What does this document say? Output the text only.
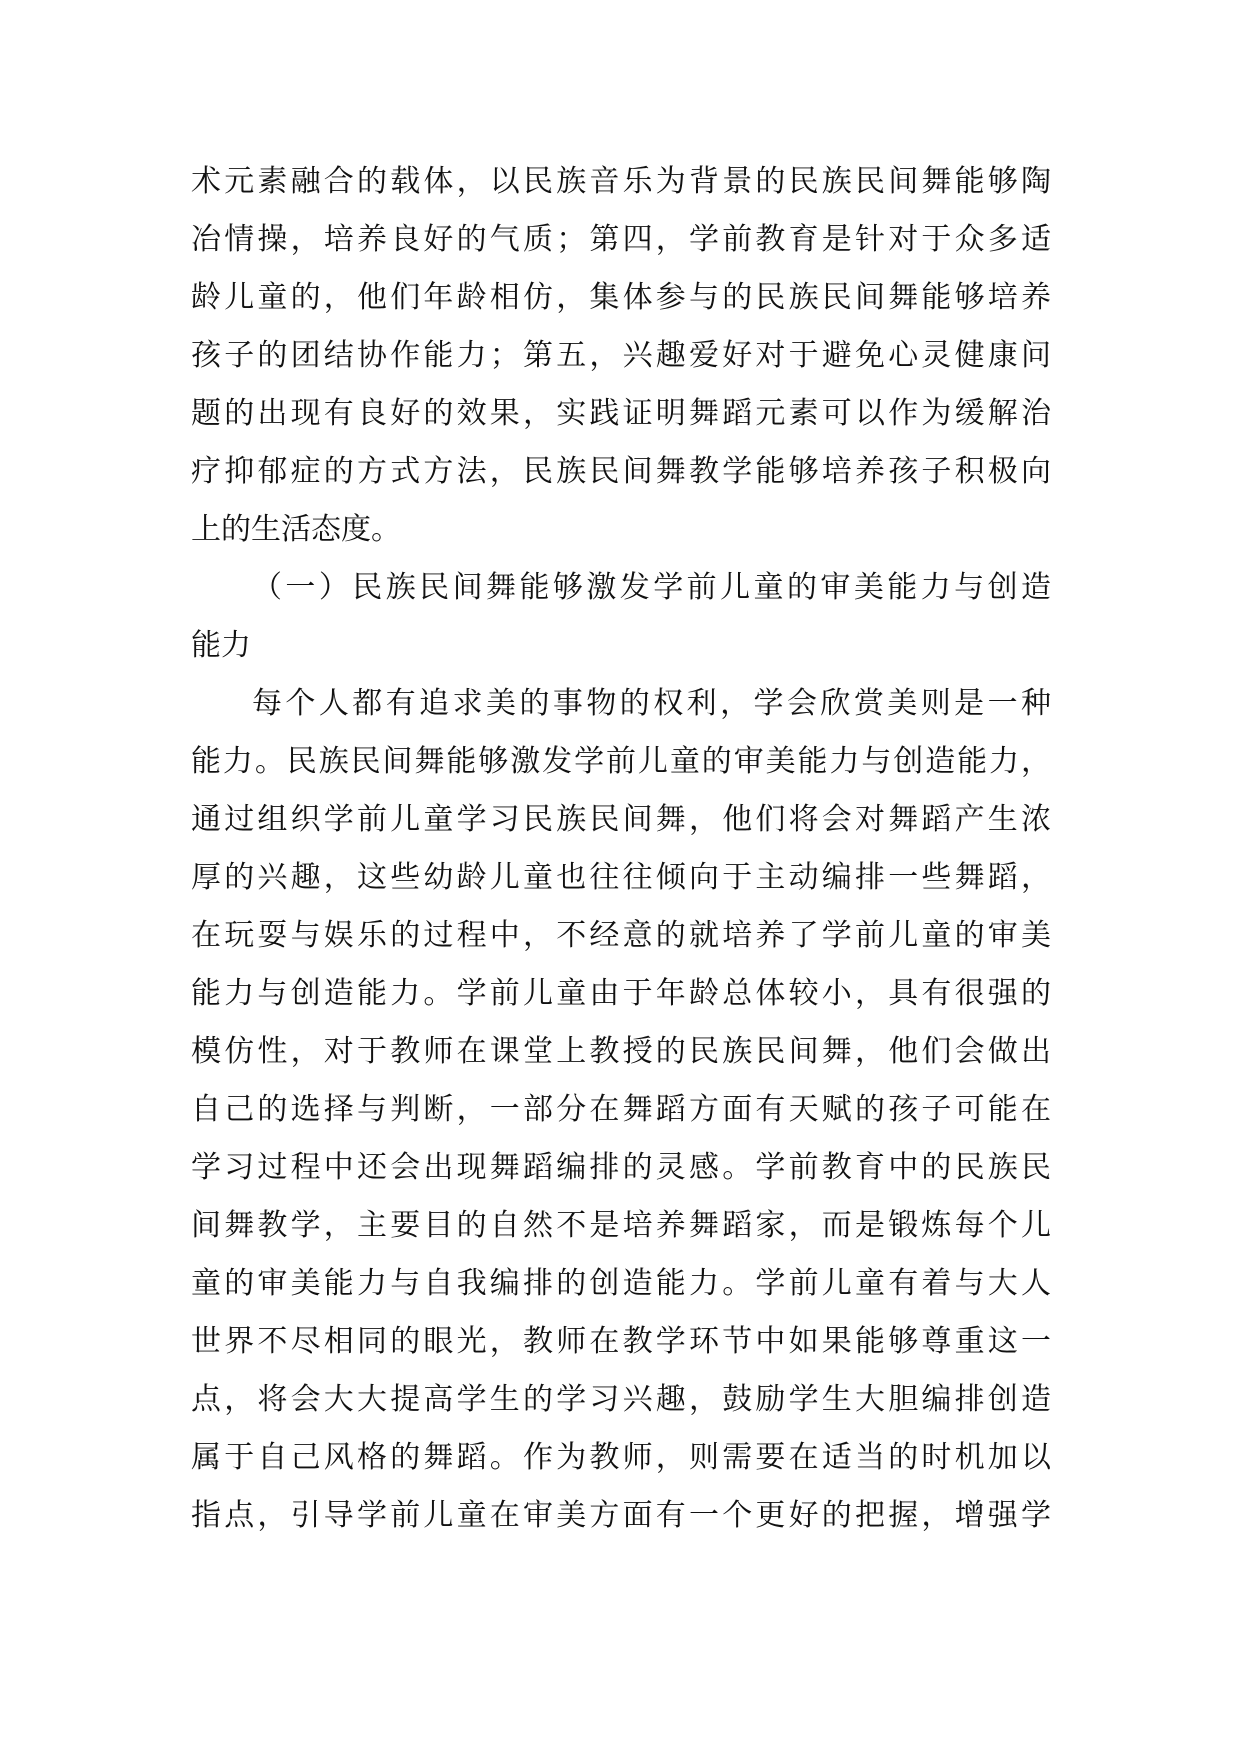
术元素融合的载体，以民族音乐为背景的民族民间舞能够陶
冶情操，培养良好的气质；第四，学前教育是针对于众多适
龄儿童的，他们年龄相仿，集体参与的民族民间舞能够培养
孩子的团结协作能力；第五，兴趣爱好对于避免心灵健康问
题的出现有良好的效果，实践证明舞蹈元素可以作为缓解治
疗抑郁症的方式方法，民族民间舞教学能够培养孩子积极向
上的生活态度。
（一）民族民间舞能够激发学前儿童的审美能力与创造
能力
每个人都有追求美的事物的权利，学会欣赏美则是一种
能力。民族民间舞能够激发学前儿童的审美能力与创造能力，
通过组织学前儿童学习民族民间舞，他们将会对舞蹈产生浓
厚的兴趣，这些幼龄儿童也往往倾向于主动编排一些舞蹈，
在玩耍与娱乐的过程中，不经意的就培养了学前儿童的审美
能力与创造能力。学前儿童由于年龄总体较小，具有很强的
模仿性，对于教师在课堂上教授的民族民间舞，他们会做出
自己的选择与判断，一部分在舞蹈方面有天赋的孩子可能在
学习过程中还会出现舞蹈编排的灵感。学前教育中的民族民
间舞教学，主要目的自然不是培养舞蹈家，而是锻炼每个儿
童的审美能力与自我编排的创造能力。学前儿童有着与大人
世界不尽相同的眼光，教师在教学环节中如果能够尊重这一
点，将会大大提高学生的学习兴趣，鼓励学生大胆编排创造
属于自己风格的舞蹈。作为教师，则需要在适当的时机加以
指点，引导学前儿童在审美方面有一个更好的把握，增强学
